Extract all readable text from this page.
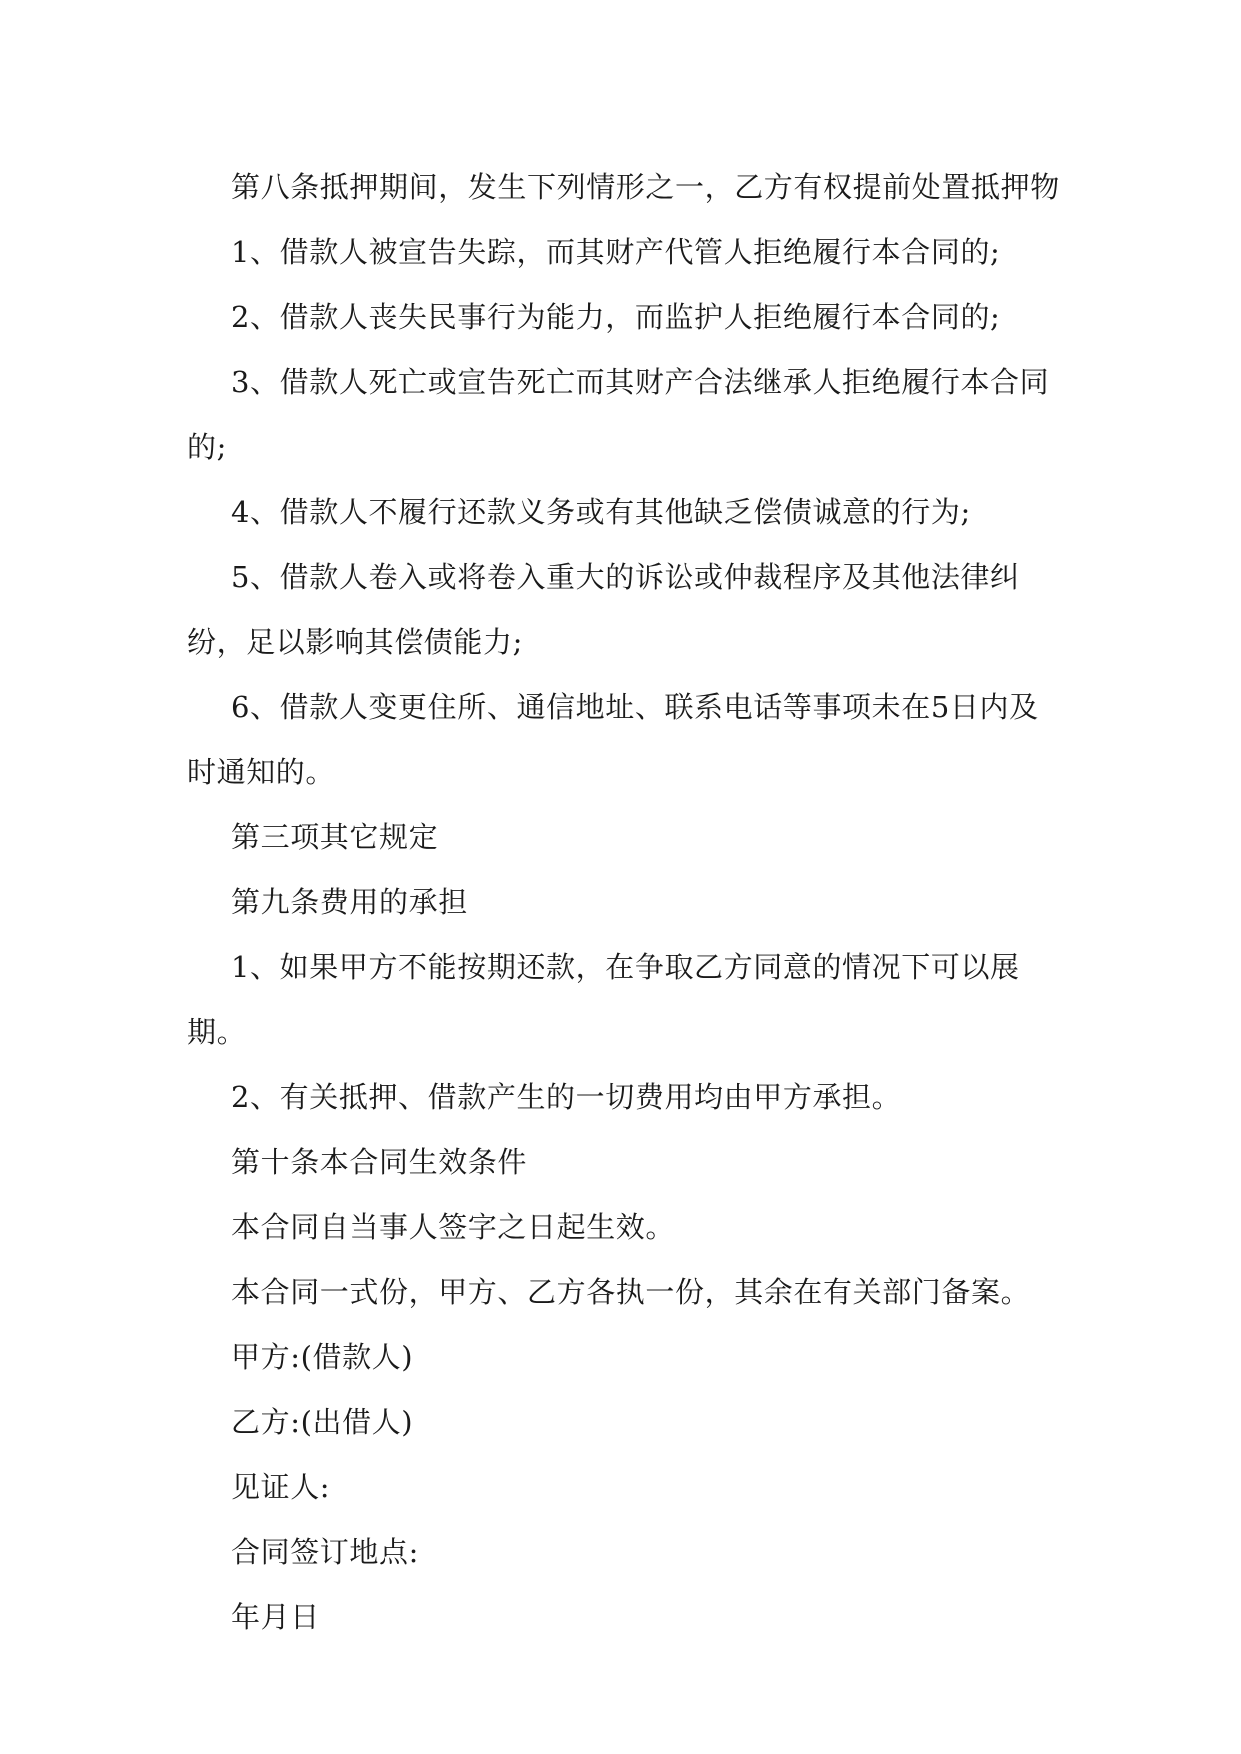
第八条抵押期间，发生下列情形之一，乙方有权提前处置抵押物

1、借款人被宣告失踪，而其财产代管人拒绝履行本合同的;

2、借款人丧失民事行为能力，而监护人拒绝履行本合同的;

3、借款人死亡或宣告死亡而其财产合法继承人拒绝履行本合同的;

4、借款人不履行还款义务或有其他缺乏偿债诚意的行为;

5、借款人卷入或将卷入重大的诉讼或仲裁程序及其他法律纠纷，足以影响其偿债能力;

6、借款人变更住所、通信地址、联系电话等事项未在5日内及时通知的。

第三项其它规定

第九条费用的承担

1、如果甲方不能按期还款，在争取乙方同意的情况下可以展期。

2、有关抵押、借款产生的一切费用均由甲方承担。

第十条本合同生效条件

本合同自当事人签字之日起生效。

本合同一式份，甲方、乙方各执一份，其余在有关部门备案。

甲方:(借款人)

乙方:(出借人)

见证人:

合同签订地点:

年月日
